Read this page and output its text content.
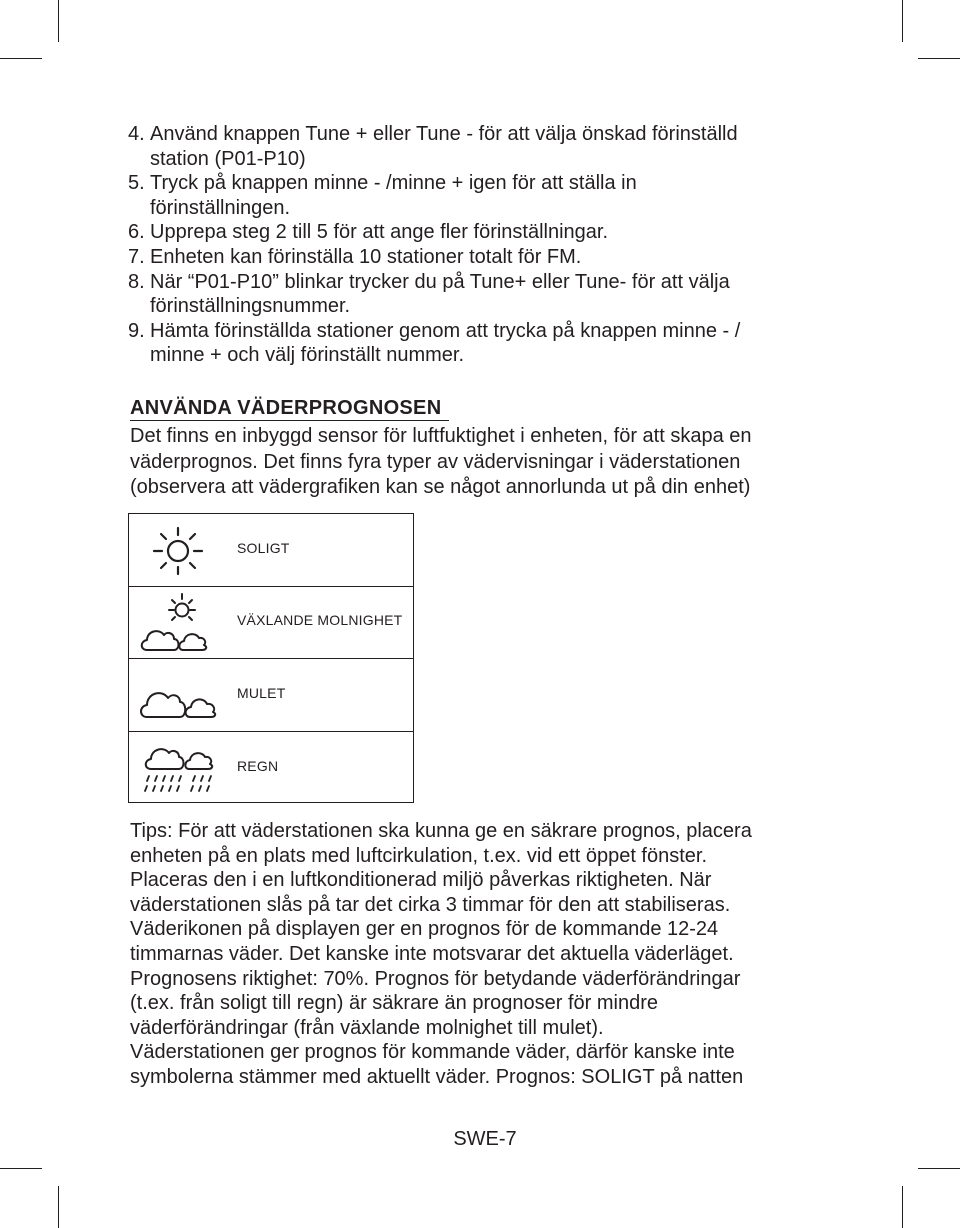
4. Använd knappen Tune + eller Tune - för att välja önskad förinställd
station (P01-P10)
5. Tryck på knappen minne - /minne + igen för att ställa in
förinställningen.
6. Upprepa steg 2 till 5 för att ange fler förinställningar.
7. Enheten kan förinställa 10 stationer totalt för FM.
8. När “P01-P10” blinkar trycker du på Tune+ eller Tune- för att välja
förinställningsnummer.
9. Hämta förinställda stationer genom att trycka på knappen minne - /
minne + och välj förinställt nummer.
ANVÄNDA VÄDERPROGNOSEN
Det finns en inbyggd sensor för luftfuktighet i enheten, för att skapa en
väderprognos. Det finns fyra typer av vädervisningar i väderstationen
(observera att vädergrafiken kan se något annorlunda ut på din enhet)
SOLIGT
VÄXLANDE MOLNIGHET
MULET
REGN
Tips: För att väderstationen ska kunna ge en säkrare prognos, placera
enheten på en plats med luftcirkulation, t.ex. vid ett öppet fönster.
Placeras den i en luftkonditionerad miljö påverkas riktigheten. När
väderstationen slås på tar det cirka 3 timmar för den att stabiliseras.
Väderikonen på displayen ger en prognos för de kommande 12-24
timmarnas väder. Det kanske inte motsvarar det aktuella väderläget.
Prognosens riktighet: 70%. Prognos för betydande väderförändringar
(t.ex. från soligt till regn) är säkrare än prognoser för mindre
väderförändringar (från växlande molnighet till mulet).
Väderstationen ger prognos för kommande väder, därför kanske inte
symbolerna stämmer med aktuellt väder. Prognos: SOLIGT på natten
SWE-7
